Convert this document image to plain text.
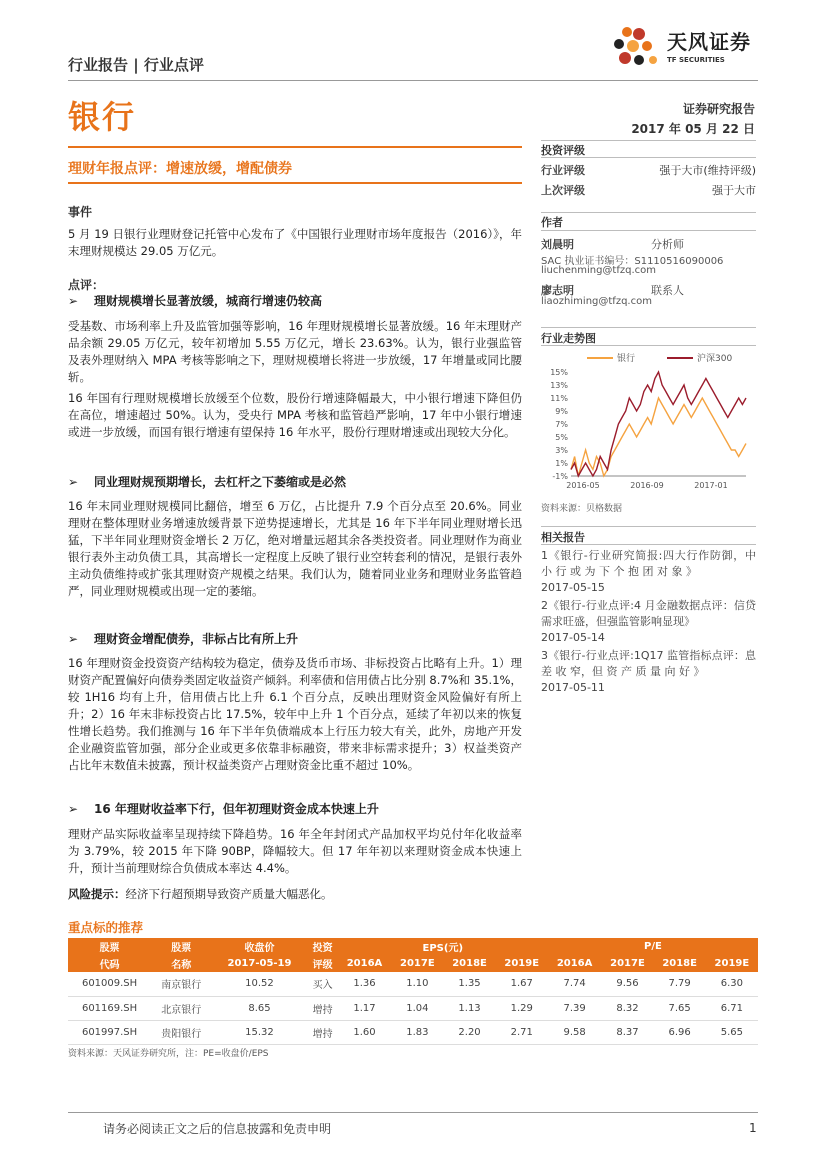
行业报告 | 行业点评
天风证券
TF SECURITIES
银行	证券研究报告
2017 年 05 月 22 日
理财年报点评：增速放缓，增配债券
投资评级
行业评级	强于大市(维持评级)
上次评级	强于大市
作者
刘晨明	分析师
SAC 执业证书编号：S1110516090006
liuchenming@tfzq.com
廖志明	联系人
liaozhiming@tfzq.com
行业走势图
银行	沪深300
15%
13%
11%
9%
7%
5%
3%
1%
-1%
2016-05	2016-09	2017-01
资料来源：贝格数据
相关报告
1《银行-行业研究简报:四大行作防御，中 小 行 或 为 下 个 抱 团 对 象 》
2017-05-15
2《银行-行业点评:4 月金融数据点评：信贷需求旺盛，但强监管影响显现》
2017-05-14
3《银行-行业点评:1Q17 监管指标点评：息 差 收 窄，但 资 产 质 量 向 好 》
2017-05-11
事件
5 月 19 日银行业理财登记托管中心发布了《中国银行业理财市场年度报告（2016）》，年末理财规模达 29.05 万亿元。
点评：
➢ 理财规模增长显著放缓，城商行增速仍较高
受基数、市场利率上升及监管加强等影响，16 年理财规模增长显著放缓。16 年末理财产品余额 29.05 万亿元，较年初增加 5.55 万亿元，增长 23.63%。认为，银行业强监管及表外理财纳入 MPA 考核等影响之下，理财规模增长将进一步放缓，17 年增量或同比腰斩。
16 年国有行理财规模增长放缓至个位数，股份行增速降幅最大，中小银行增速下降但仍在高位，增速超过 50%。认为，受央行 MPA 考核和监管趋严影响，17 年中小银行增速或进一步放缓，而国有银行增速有望保持 16 年水平，股份行理财增速或出现较大分化。
➢ 同业理财规预期增长，去杠杆之下萎缩或是必然
16 年末同业理财规模同比翻倍，增至 6 万亿，占比提升 7.9 个百分点至 20.6%。同业理财在整体理财业务增速放缓背景下逆势提速增长，尤其是 16 年下半年同业理财增长迅猛，下半年同业理财资金增长 2 万亿，绝对增量远超其余各类投资者。同业理财作为商业银行表外主动负债工具，其高增长一定程度上反映了银行业空转套利的情况，是银行表外主动负债维持或扩张其理财资产规模之结果。我们认为，随着同业业务和理财业务监管趋严，同业理财规模或出现一定的萎缩。
➢ 理财资金增配债券，非标占比有所上升
16 年理财资金投资资产结构较为稳定，债券及货币市场、非标投资占比略有上升。1）理财资产配置偏好向债券类固定收益资产倾斜。利率债和信用债占比分别 8.7%和 35.1%，较 1H16 均有上升，信用债占比上升 6.1 个百分点，反映出理财资金风险偏好有所上升；2）16 年末非标投资占比 17.5%，较年中上升 1 个百分点，延续了年初以来的恢复性增长趋势。我们推测与 16 年下半年负债端成本上行压力较大有关，此外，房地产开发企业融资监管加强，部分企业或更多依靠非标融资，带来非标需求提升；3）权益类资产占比年末数值未披露，预计权益类资产占理财资金比重不超过 10%。
➢ 16 年理财收益率下行，但年初理财资金成本快速上升
理财产品实际收益率呈现持续下降趋势。16 年全年封闭式产品加权平均兑付年化收益率为 3.79%，较 2015 年下降 90BP，降幅较大。但 17 年年初以来理财资金成本快速上升，预计当前理财综合负债成本率达 4.4%。
风险提示：经济下行超预期导致资产质量大幅恶化。
重点标的推荐
股票	股票	收盘价	投资	EPS(元)				P/E			
代码	名称	2017-05-19	评级	2016A	2017E	2018E	2019E	2016A	2017E	2018E	2019E
601009.SH	南京银行	10.52	买入	1.36	1.10	1.35	1.67	7.74	9.56	7.79	6.30
601169.SH	北京银行	8.65	增持	1.17	1.04	1.13	1.29	7.39	8.32	7.65	6.71
601997.SH	贵阳银行	15.32	增持	1.60	1.83	2.20	2.71	9.58	8.37	6.96	5.65
资料来源：天风证券研究所，注：PE=收盘价/EPS
请务必阅读正文之后的信息披露和免责申明	1
